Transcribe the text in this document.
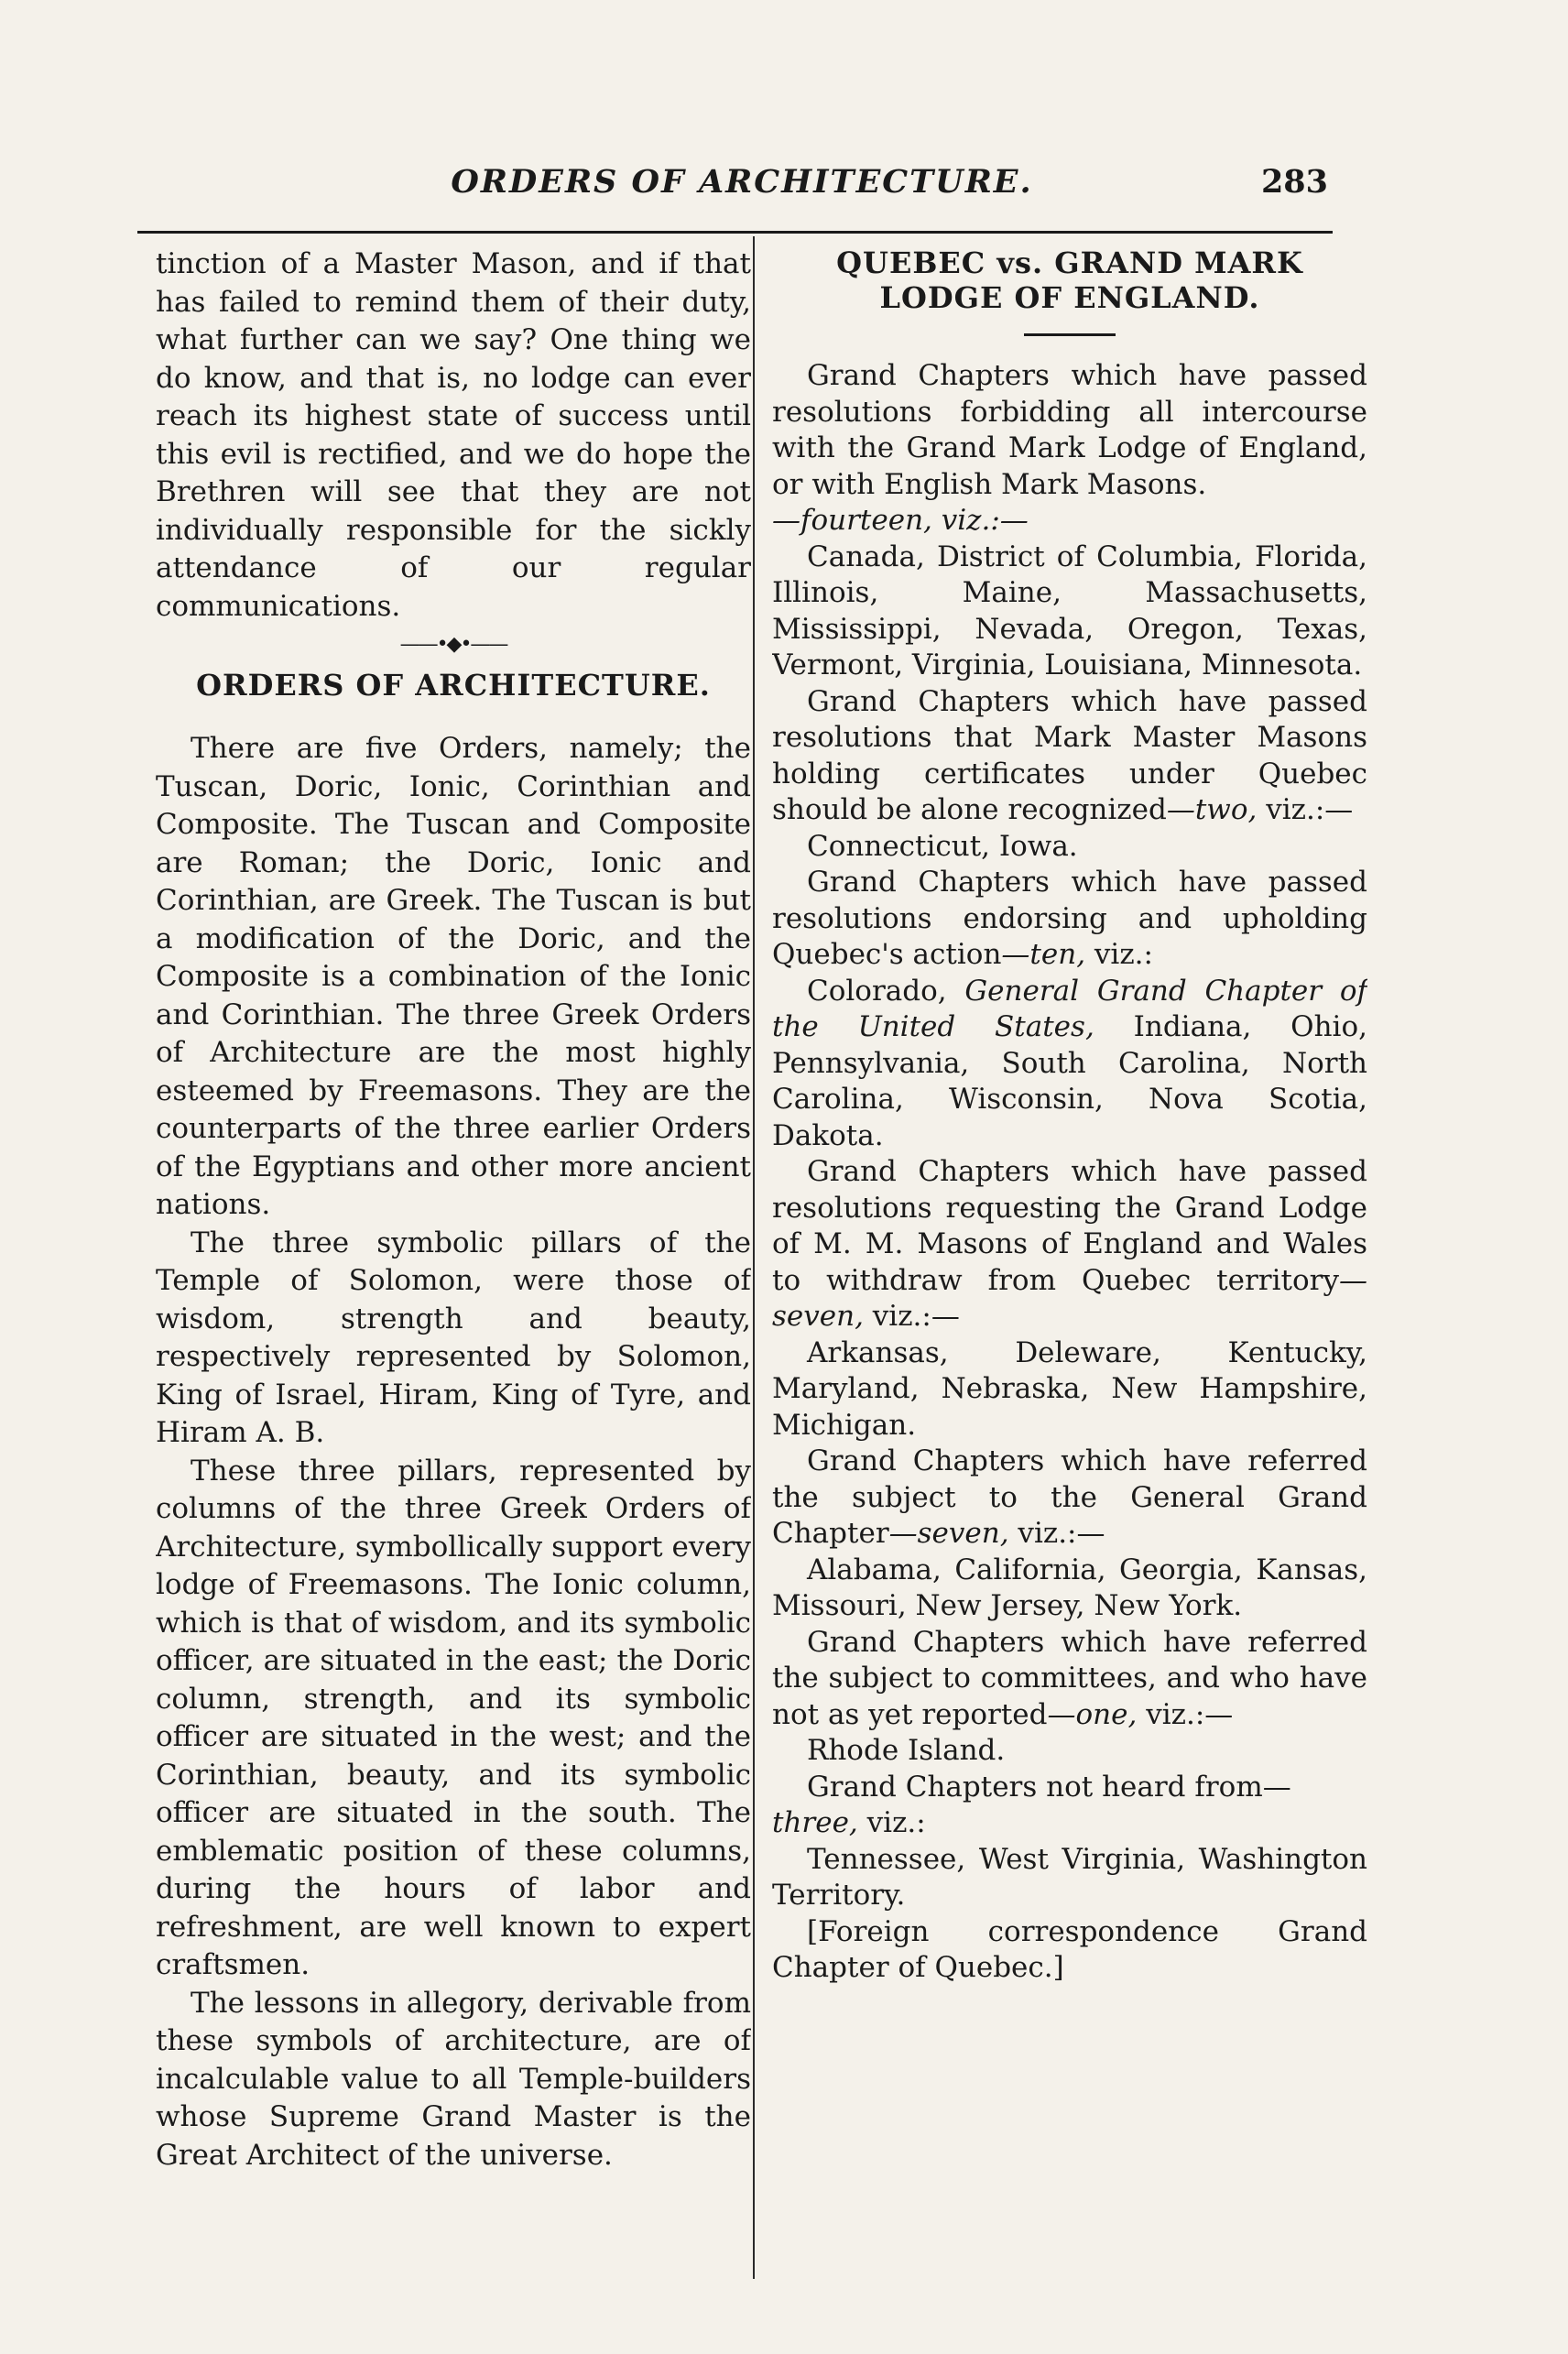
ORDERS OF ARCHITECTURE.	283

tinction of a Master Mason, and if that has failed to remind them of their duty, what further can we say? One thing we do know, and that is, no lodge can ever reach its highest state of success until this evil is rectified, and we do hope the Brethren will see that they are not individually responsible for the sickly attendance of our regular communications.

——•◆•——
ORDERS OF ARCHITECTURE.

There are five Orders, namely; the Tuscan, Doric, Ionic, Corinthian and Composite. The Tuscan and Composite are Roman; the Doric, Ionic and Corinthian, are Greek. The Tuscan is but a modification of the Doric, and the Composite is a combination of the Ionic and Corinthian. The three Greek Orders of Architecture are the most highly esteemed by Freemasons. They are the counterparts of the three earlier Orders of the Egyptians and other more ancient nations.

The three symbolic pillars of the Temple of Solomon, were those of wisdom, strength and beauty, respectively represented by Solomon, King of Israel, Hiram, King of Tyre, and Hiram A. B.

These three pillars, represented by columns of the three Greek Orders of Architecture, symbollically support every lodge of Freemasons. The Ionic column, which is that of wisdom, and its symbolic officer, are situated in the east; the Doric column, strength, and its symbolic officer are situated in the west; and the Corinthian, beauty, and its symbolic officer are situated in the south. The emblematic position of these columns, during the hours of labor and refreshment, are well known to expert craftsmen.

The lessons in allegory, derivable from these symbols of architecture, are of incalculable value to all Temple-builders whose Supreme Grand Master is the Great Architect of the universe.

QUEBEC vs. GRAND MARK LODGE OF ENGLAND.

Grand Chapters which have passed resolutions forbidding all intercourse with the Grand Mark Lodge of England, or with English Mark Masons.
—fourteen, viz.:—

Canada, District of Columbia, Florida, Illinois, Maine, Massachusetts, Mississippi, Nevada, Oregon, Texas, Vermont, Virginia, Louisiana, Minnesota.

Grand Chapters which have passed resolutions that Mark Master Masons holding certificates under Quebec should be alone recognized—two, viz.:—

Connecticut, Iowa.

Grand Chapters which have passed resolutions endorsing and upholding Quebec's action—ten, viz.:

Colorado, General Grand Chapter of the United States, Indiana, Ohio, Pennsylvania, South Carolina, North Carolina, Wisconsin, Nova Scotia, Dakota.

Grand Chapters which have passed resolutions requesting the Grand Lodge of M. M. Masons of England and Wales to withdraw from Quebec territory—seven, viz.:—

Arkansas, Deleware, Kentucky, Maryland, Nebraska, New Hampshire, Michigan.

Grand Chapters which have referred the subject to the General Grand Chapter—seven, viz.:—

Alabama, California, Georgia, Kansas, Missouri, New Jersey, New York.

Grand Chapters which have referred the subject to committees, and who have not as yet reported—one, viz.:—

Rhode Island.

Grand Chapters not heard from—
three, viz.:

Tennessee, West Virginia, Washington Territory.

[Foreign correspondence Grand Chapter of Quebec.]
